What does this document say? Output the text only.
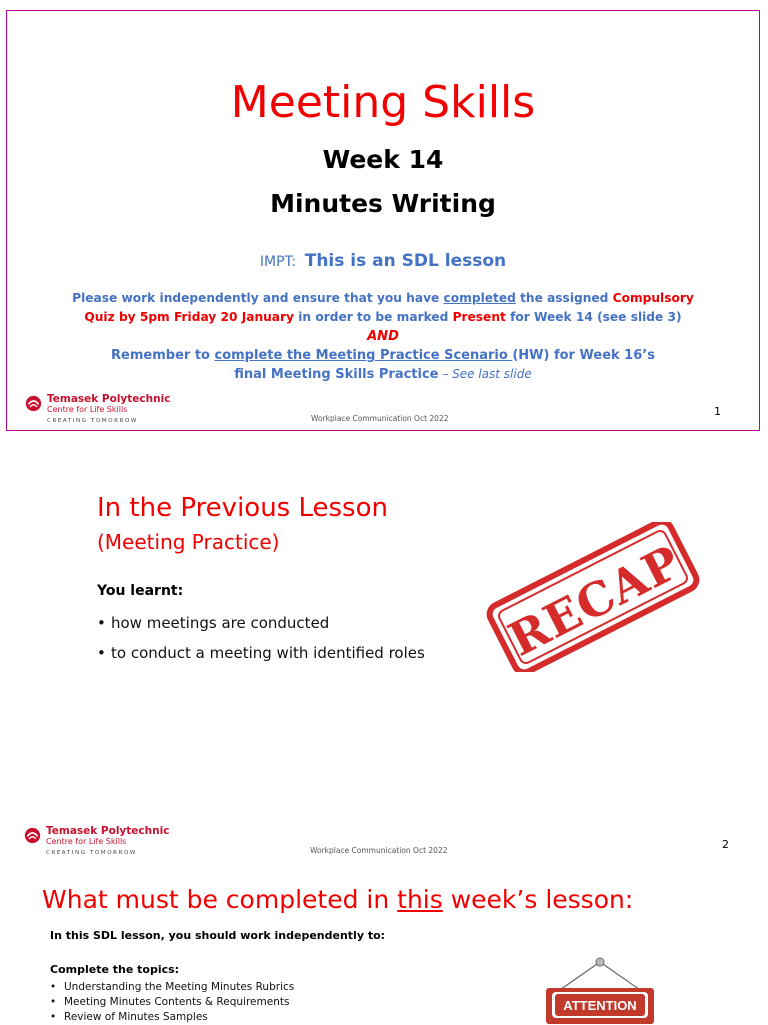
Meeting Skills
Week 14
Minutes Writing
IMPT: This is an SDL lesson
Please work independently and ensure that you have completed the assigned Compulsory
Quiz by 5pm Friday 20 January in order to be marked Present for Week 14 (see slide 3)
AND
Remember to complete the Meeting Practice Scenario (HW) for Week 16’s
final Meeting Skills Practice – See last slide
Temasek Polytechnic
Centre for Life Skills
CREATING TOMORROW	Workplace Communication Oct 2022
1
In the Previous Lesson
(Meeting Practice)
You learnt:
• how meetings are conducted
• to conduct a meeting with identified roles RECAP
Temasek Polytechnic
Centre for Life Skills
CREATING TOMORROW	Workplace Communication Oct 2022	2
What must be completed in this week’s lesson:
In this SDL lesson, you should work independently to:
Complete the topics:
• Understanding the Meeting Minutes Rubrics
• Meeting Minutes Contents & Requirements
• Review of Minutes Samples
ATTENTION
